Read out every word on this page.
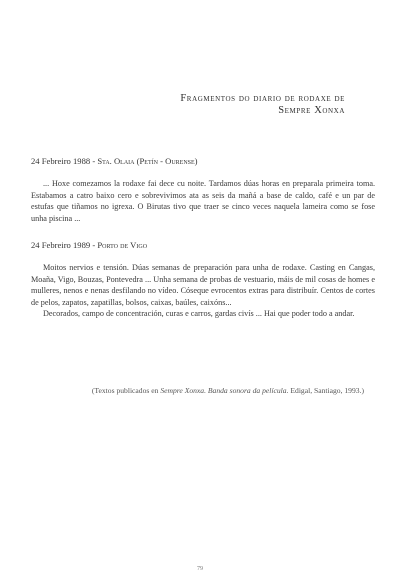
Fragmentos do diario de rodaxe de
Sempre Xonxa
24 Febreiro 1988 - Sta. Olaia (Petín - Ourense)

... Hoxe comezamos la rodaxe fai dece cu noite. Tardamos dúas horas en preparala primeira toma. Estabamos a catro baixo cero e sobrevivimos ata as seis da mañá a base de caldo, café e un par de estufas que tiñamos no igrexa. O Birutas tivo que traer se cinco veces naquela lameira como se fose unha piscina ...

24 Febreiro 1989 - Porto de Vigo

Moitos nervios e tensión. Dúas semanas de preparación para unha de rodaxe. Casting en Cangas, Moaña, Vigo, Bouzas, Pontevedra ... Unha semana de probas de vestuario, máis de mil cosas de homes e mulleres, nenos e nenas desfilando no vídeo. Cóseque evrocentos extras para distribuír. Centos de cortes de pelos, zapatos, zapatillas, bolsos, caixas, baúles, caixóns...

Decorados, campo de concentración, curas e carros, gardas civís ... Hai que poder todo a andar.

(Textos publicados en Sempre Xonxa. Banda sonora da película. Edigal, Santiago, 1993.)
79
